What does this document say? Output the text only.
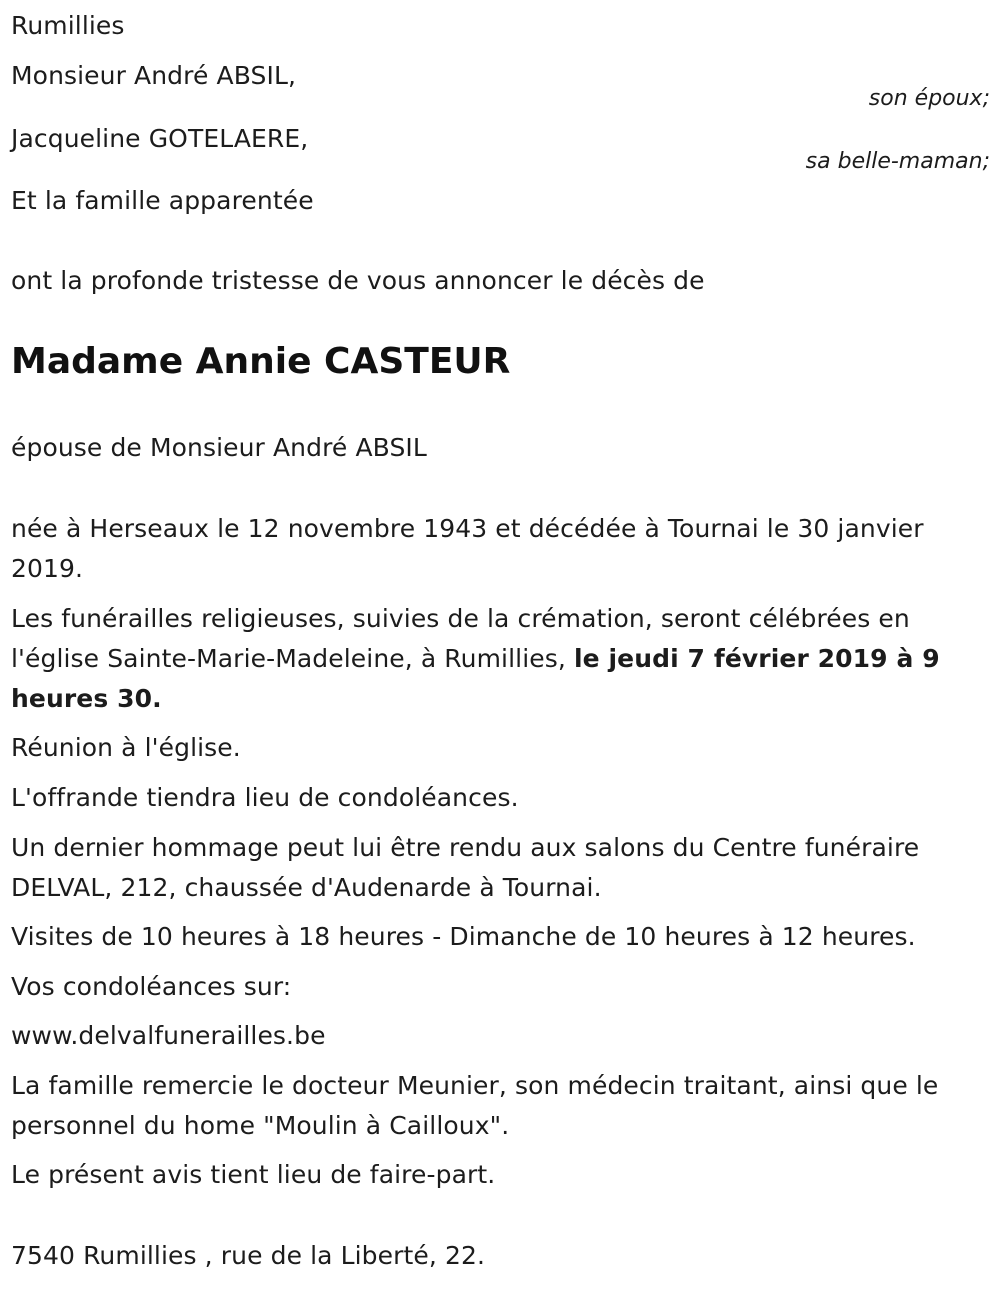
Rumillies
Monsieur André ABSIL,
son époux;
Jacqueline GOTELAERE,
sa belle-maman;
Et la famille apparentée
ont la profonde tristesse de vous annoncer le décès de
Madame Annie CASTEUR
épouse de Monsieur André ABSIL
née à Herseaux le 12 novembre 1943 et décédée à Tournai le 30 janvier 2019.
Les funérailles religieuses, suivies de la crémation, seront célébrées en l'église Sainte-Marie-Madeleine, à Rumillies, le jeudi 7 février 2019 à 9 heures 30.
Réunion à l'église.
L'offrande tiendra lieu de condoléances.
Un dernier hommage peut lui être rendu aux salons du Centre funéraire DELVAL, 212, chaussée d'Audenarde à Tournai.
Visites de 10 heures à 18 heures - Dimanche de 10 heures à 12 heures.
Vos condoléances sur:
www.delvalfunerailles.be
La famille remercie le docteur Meunier, son médecin traitant, ainsi que le personnel du home "Moulin à Cailloux".
Le présent avis tient lieu de faire-part.
7540 Rumillies , rue de la Liberté, 22.
